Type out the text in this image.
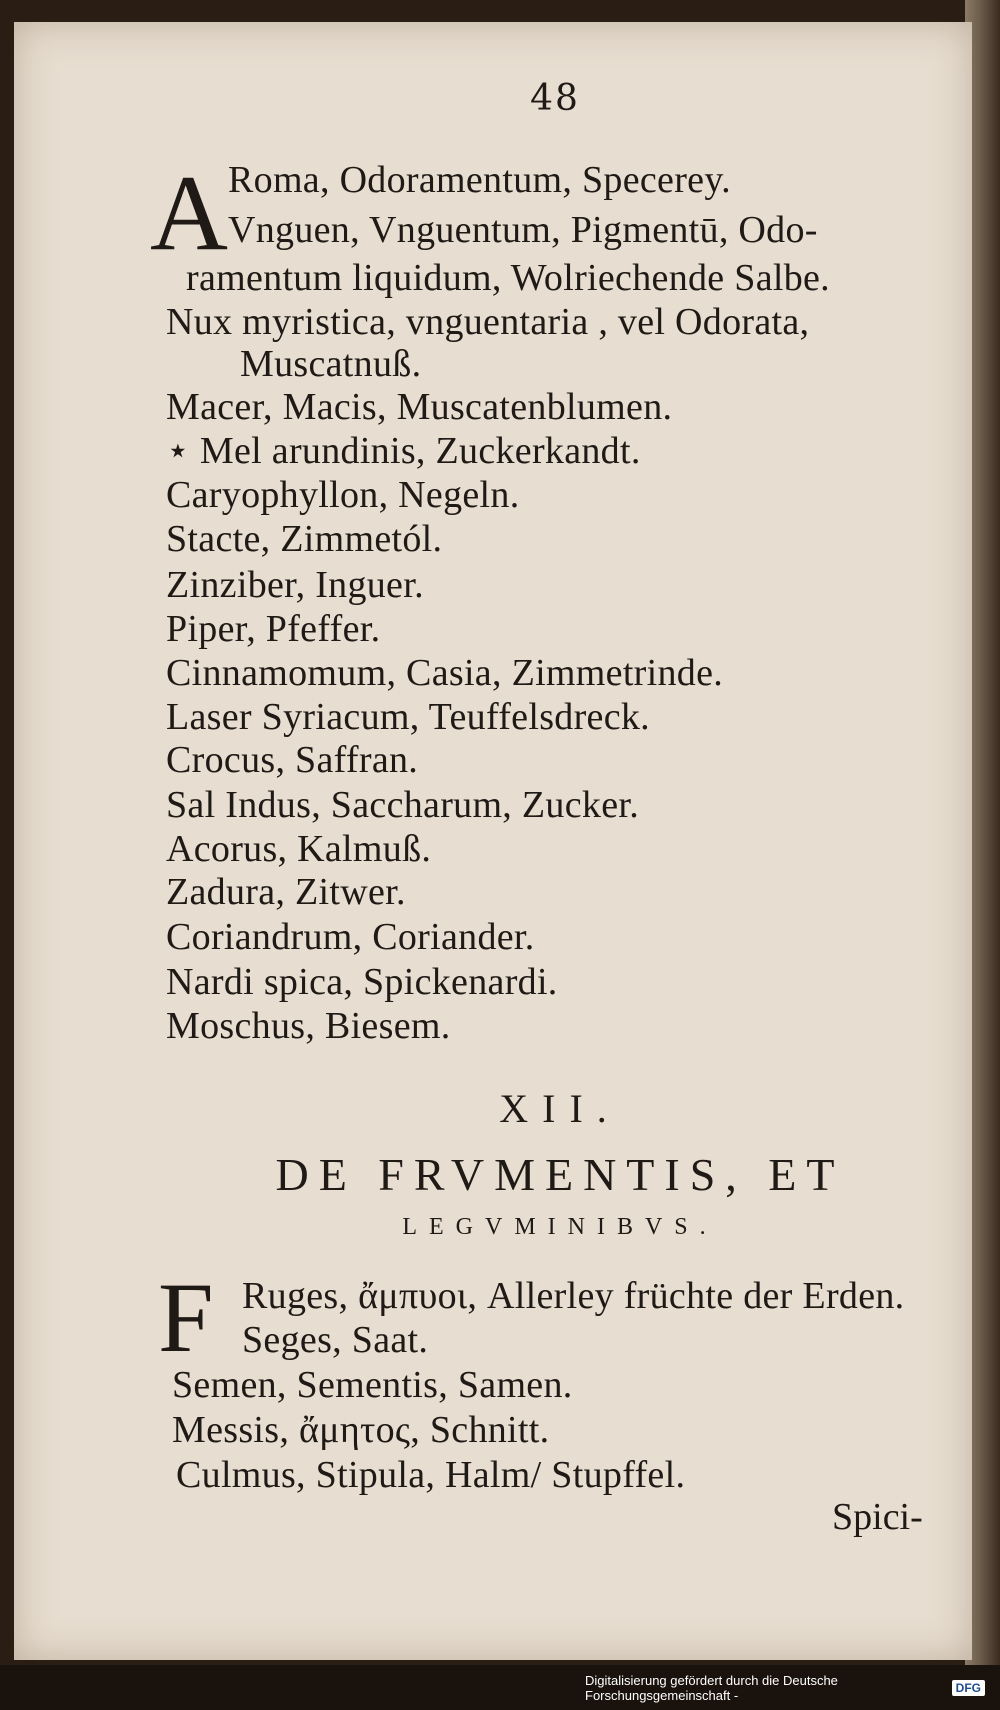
48
A Roma, Odoramentum, Specerey.
Vnguen, Vnguentum, Pigmentū, Odo-
ramentum liquidum, Wolriechende Salbe.
Nux myristica, vnguentaria , vel Odorata,
Muscatnuß.
Macer, Macis, Muscatenblumen.
⋆ Mel arundinis, Zuckerkandt.
Caryophyllon, Negeln.
Stacte, Zimmetól.
Zinziber, Inguer.
Piper, Pfeffer.
Cinnamomum, Casia, Zimmetrinde.
Laser Syriacum, Teuffelsdreck.
Crocus, Saffran.
Sal Indus, Saccharum, Zucker.
Acorus, Kalmuß.
Zadura, Zitwer.
Coriandrum, Coriander.
Nardi spica, Spickenardi.
Moschus, Biesem.
XII.
DE FRVMENTIS, ET
LEGVMINIBVS.
F Ruges, ἄμπυοι, Allerley früchte der Erden.
Seges, Saat.
Semen, Sementis, Samen.
Messis, ἄμητος, Schnitt.
Culmus, Stipula, Halm/ Stupffel.
Spici-
Digitalisierung gefördert durch die Deutsche Forschungsgemeinschaft -	DFG
